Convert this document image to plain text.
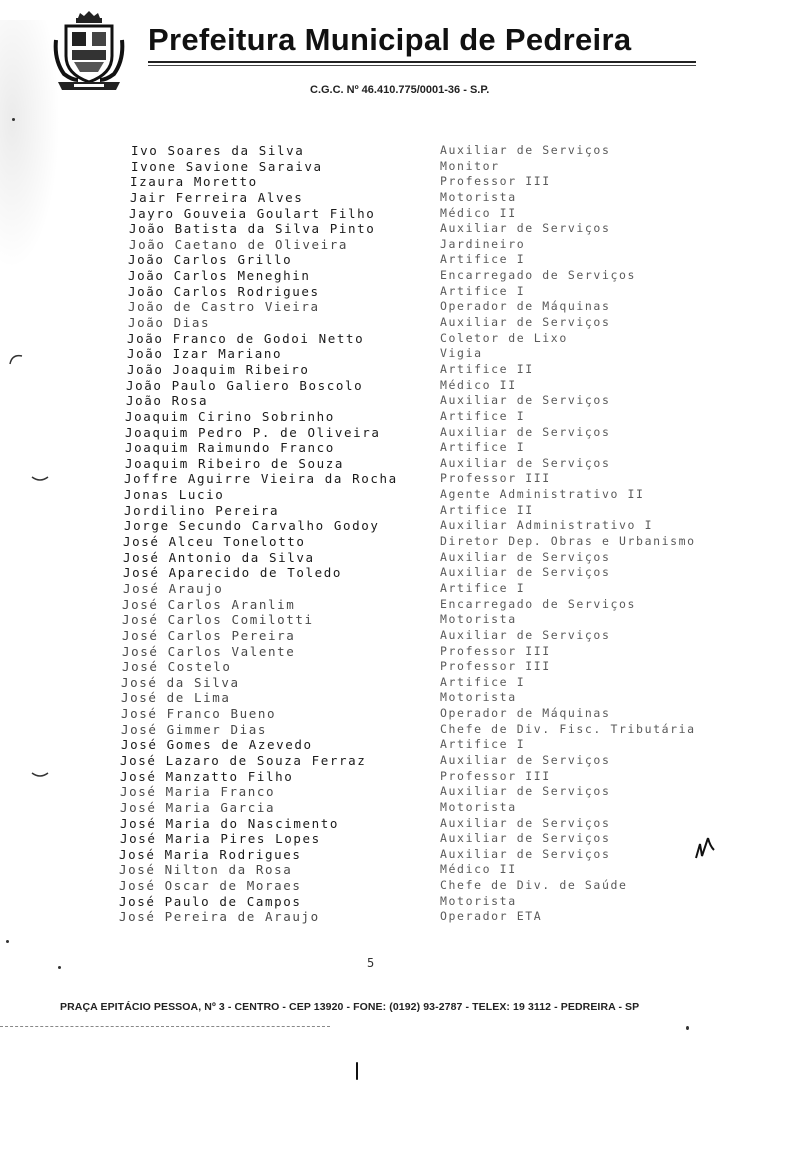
Prefeitura Municipal de Pedreira
C.G.C. Nº 46.410.775/0001-36 - S.P.
Ivo Soares da Silva	Auxiliar de Serviços
Ivone Savione Saraiva	Monitor
Izaura Moretto	Professor III
Jair Ferreira Alves	Motorista
Jayro Gouveia Goulart Filho	Médico II
João Batista da Silva Pinto	Auxiliar de Serviços
João Caetano de Oliveira	Jardineiro
João Carlos Grillo	Artifice I
João Carlos Meneghin	Encarregado de Serviços
João Carlos Rodrigues	Artifice I
João de Castro Vieira	Operador de Máquinas
João Dias	Auxiliar de Serviços
João Franco de Godoi Netto	Coletor de Lixo
João Izar Mariano	Vigia
João Joaquim Ribeiro	Artifice II
João Paulo Galiero Boscolo	Médico II
João Rosa	Auxiliar de Serviços
Joaquim Cirino Sobrinho	Artifice I
Joaquim Pedro P. de Oliveira	Auxiliar de Serviços
Joaquim Raimundo Franco	Artifice I
Joaquim Ribeiro de Souza	Auxiliar de Serviços
Joffre Aguirre Vieira da Rocha	Professor III
Jonas Lucio	Agente Administrativo II
Jordilino Pereira	Artifice II
Jorge Secundo Carvalho Godoy	Auxiliar Administrativo I
José Alceu Tonelotto	Diretor Dep. Obras e Urbanismo
José Antonio da Silva	Auxiliar de Serviços
José Aparecido de Toledo	Auxiliar de Serviços
José Araujo	Artifice I
José Carlos Aranlim	Encarregado de Serviços
José Carlos Comilotti	Motorista
José Carlos Pereira	Auxiliar de Serviços
José Carlos Valente	Professor III
José Costelo	Professor III
José da Silva	Artifice I
José de Lima	Motorista
José Franco Bueno	Operador de Máquinas
José Gimmer Dias	Chefe de Div. Fisc. Tributária
José Gomes de Azevedo	Artifice I
José Lazaro de Souza Ferraz	Auxiliar de Serviços
José Manzatto Filho	Professor III
José Maria Franco	Auxiliar de Serviços
José Maria Garcia	Motorista
José Maria do Nascimento	Auxiliar de Serviços
José Maria Pires Lopes	Auxiliar de Serviços
José Maria Rodrigues	Auxiliar de Serviços
José Nilton da Rosa	Médico II
José Oscar de Moraes	Chefe de Div. de Saúde
José Paulo de Campos	Motorista
José Pereira de Araujo	Operador ETA
5
PRAÇA EPITÁCIO PESSOA, Nº 3 - CENTRO - CEP 13920 - FONE: (0192) 93-2787 - TELEX: 19 3112 - PEDREIRA - SP
